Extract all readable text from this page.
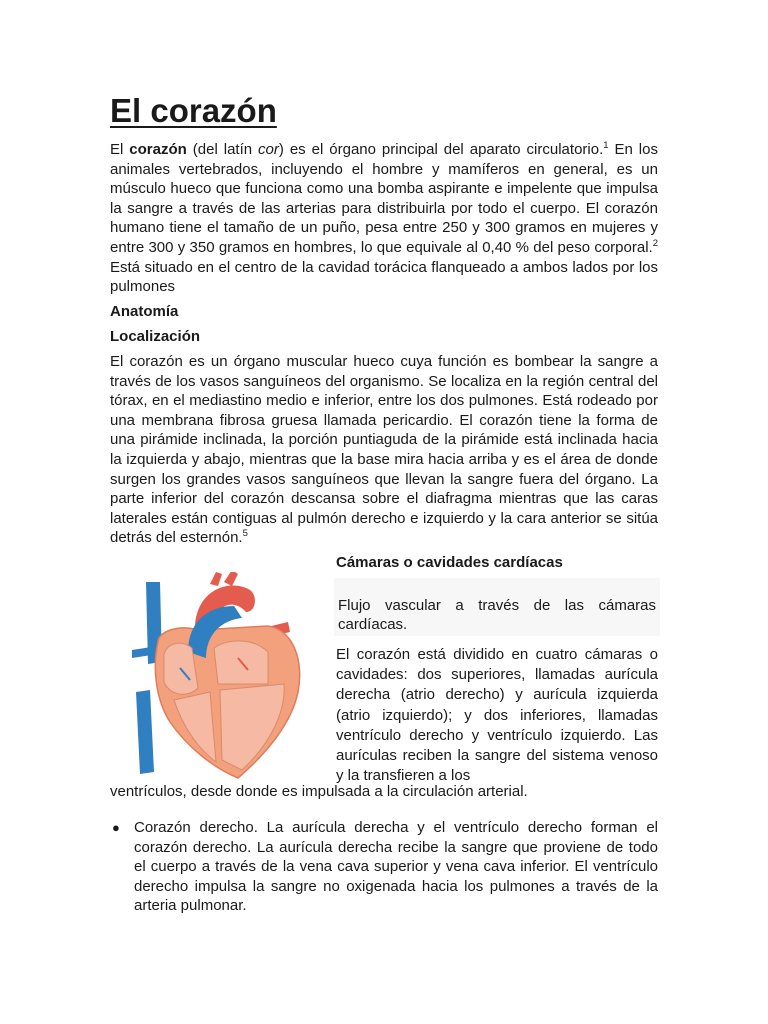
El corazón

El corazón (del latín cor) es el órgano principal del aparato circulatorio.$^1$ En los animales vertebrados, incluyendo el hombre y mamíferos en general, es un músculo hueco que funciona como una bomba aspirante e impelente que impulsa la sangre a través de las arterias para distribuirla por todo el cuerpo. El corazón humano tiene el tamaño de un puño, pesa entre 250 y 300 gramos en mujeres y entre 300 y 350 gramos en hombres, lo que equivale al 0,40 % del peso corporal.$^2$ Está situado en el centro de la cavidad torácica flanqueado a ambos lados por los pulmones

Anatomía

Localización

El corazón es un órgano muscular hueco cuya función es bombear la sangre a través de los vasos sanguíneos del organismo. Se localiza en la región central del tórax, en el mediastino medio e inferior, entre los dos pulmones. Está rodeado por una membrana fibrosa gruesa llamada pericardio. El corazón tiene la forma de una pirámide inclinada, la porción puntiaguda de la pirámide está inclinada hacia la izquierda y abajo, mientras que la base mira hacia arriba y es el área de donde surgen los grandes vasos sanguíneos que llevan la sangre fuera del órgano. La parte inferior del corazón descansa sobre el diafragma mientras que las caras laterales están contiguas al pulmón derecho e izquierdo y la cara anterior se sitúa detrás del esternón.$^5$

Cámaras o cavidades cardíacas

Flujo vascular a través de las cámaras cardíacas.

El corazón está dividido en cuatro cámaras o cavidades: dos superiores, llamadas aurícula derecha (atrio derecho) y aurícula izquierda (atrio izquierdo); y dos inferiores, llamadas ventrículo derecho y ventrículo izquierdo. Las aurículas reciben la sangre del sistema venoso y la transfieren a los

ventrículos, desde donde es impulsada a la circulación arterial.

● Corazón derecho. La aurícula derecha y el ventrículo derecho forman el corazón derecho. La aurícula derecha recibe la sangre que proviene de todo el cuerpo a través de la vena cava superior y vena cava inferior. El ventrículo derecho impulsa la sangre no oxigenada hacia los pulmones a través de la arteria pulmonar.
